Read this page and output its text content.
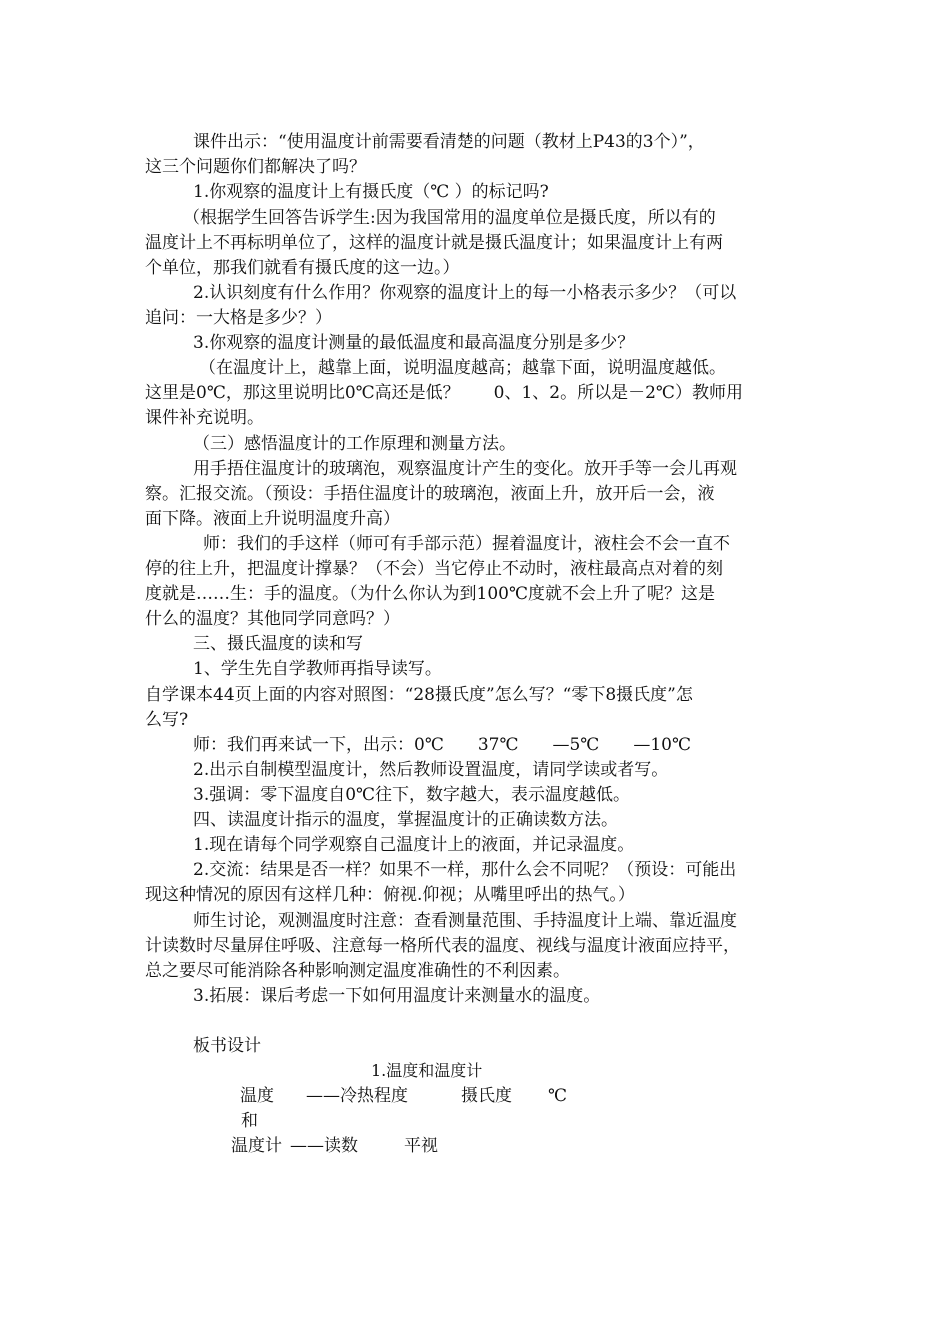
课件出示：“使用温度计前需要看清楚的问题（教材上P43的3个）”，
这三个问题你们都解决了吗？
1.你观察的温度计上有摄氏度（℃ ）的标记吗?
（根据学生回答告诉学生:因为我国常用的温度单位是摄氏度，所以有的
温度计上不再标明单位了，这样的温度计就是摄氏温度计；如果温度计上有两
个单位，那我们就看有摄氏度的这一边。）
2.认识刻度有什么作用？你观察的温度计上的每一小格表示多少？（可以
追问：一大格是多少？）
3.你观察的温度计测量的最低温度和最高温度分别是多少？
（在温度计上，越靠上面，说明温度越高；越靠下面，说明温度越低。
这里是0℃，那这里说明比0℃高还是低？　　0、1、2。所以是－2℃）教师用
课件补充说明。
（三）感悟温度计的工作原理和测量方法。
用手捂住温度计的玻璃泡，观察温度计产生的变化。放开手等一会儿再观
察。汇报交流。（预设：手捂住温度计的玻璃泡，液面上升，放开后一会，液
面下降。液面上升说明温度升高）
师：我们的手这样（师可有手部示范）握着温度计，液柱会不会一直不
停的往上升，把温度计撑暴？（不会）当它停止不动时，液柱最高点对着的刻
度就是……生：手的温度。（为什么你认为到100℃度就不会上升了呢？这是
什么的温度？其他同学同意吗？）
三、摄氏温度的读和写
1、学生先自学教师再指导读写。
自学课本44页上面的内容对照图：“28摄氏度”怎么写？“零下8摄氏度”怎
么写?
师：我们再来试一下，出示：0℃　　37℃　　—5℃　　—10℃
2.出示自制模型温度计，然后教师设置温度，请同学读或者写。
3.强调：零下温度自0℃往下，数字越大，表示温度越低。
四、读温度计指示的温度，掌握温度计的正确读数方法。
1.现在请每个同学观察自己温度计上的液面，并记录温度。
2.交流：结果是否一样？如果不一样，那什么会不同呢？（预设：可能出
现这种情况的原因有这样几种：俯视.仰视；从嘴里呼出的热气。）
师生讨论，观测温度时注意：查看测量范围、手持温度计上端、靠近温度
计读数时尽量屏住呼吸、注意每一格所代表的温度、视线与温度计液面应持平，
总之要尽可能消除各种影响测定温度准确性的不利因素。
3.拓展：课后考虑一下如何用温度计来测量水的温度。
板书设计
1.温度和温度计
温度 ——冷热程度	摄氏度 ℃
和
温度计 ——读数	平视
